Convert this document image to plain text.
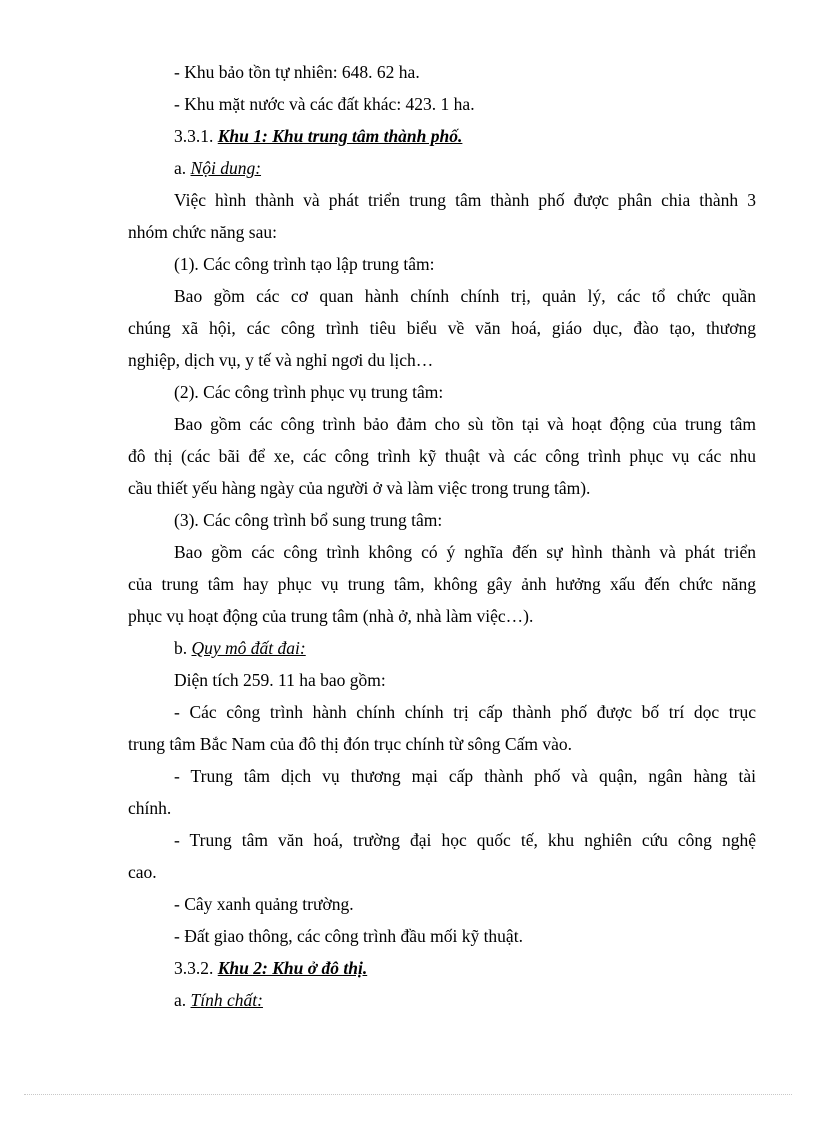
- Khu bảo tồn tự nhiên: 648. 62 ha.
- Khu mặt nước và các đất khác: 423. 1 ha.
3.3.1. Khu 1: Khu trung tâm thành phố.
a. Nội dung:
Việc hình thành và phát triển trung tâm thành phố được phân chia thành 3
nhóm chức năng sau:
(1). Các công trình tạo lập trung tâm:
Bao gồm các cơ quan hành chính chính trị, quản lý, các tổ chức quần
chúng xã hội, các công trình tiêu biểu về văn hoá, giáo dục, đào tạo, thương
nghiệp, dịch vụ, y tế và nghỉ ngơi du lịch…
(2). Các công trình phục vụ trung tâm:
Bao gồm các công trình bảo đảm cho sù tồn tại và hoạt động của trung tâm
đô thị (các bãi để xe, các công trình kỹ thuật và các công trình phục vụ các nhu
cầu thiết yếu hàng ngày của người ở và làm việc trong trung tâm).
(3). Các công trình bổ sung trung tâm:
Bao gồm các công trình không có ý nghĩa đến sự hình thành và phát triển
của trung tâm hay phục vụ trung tâm, không gây ảnh hưởng xấu đến chức năng
phục vụ hoạt động của trung tâm (nhà ở, nhà làm việc…).
b. Quy mô đất đai:
Diện tích 259. 11 ha bao gồm:
- Các công trình hành chính chính trị cấp thành phố được bố trí dọc trục
trung tâm Bắc Nam của đô thị đón trục chính từ sông Cấm vào.
- Trung tâm dịch vụ thương mại cấp thành phố và quận, ngân hàng tài
chính.
- Trung tâm văn hoá, trường đại học quốc tế, khu nghiên cứu công nghệ
cao.
- Cây xanh quảng trường.
- Đất giao thông, các công trình đầu mối kỹ thuật.
3.3.2. Khu 2: Khu ở đô thị.
a. Tính chất:
